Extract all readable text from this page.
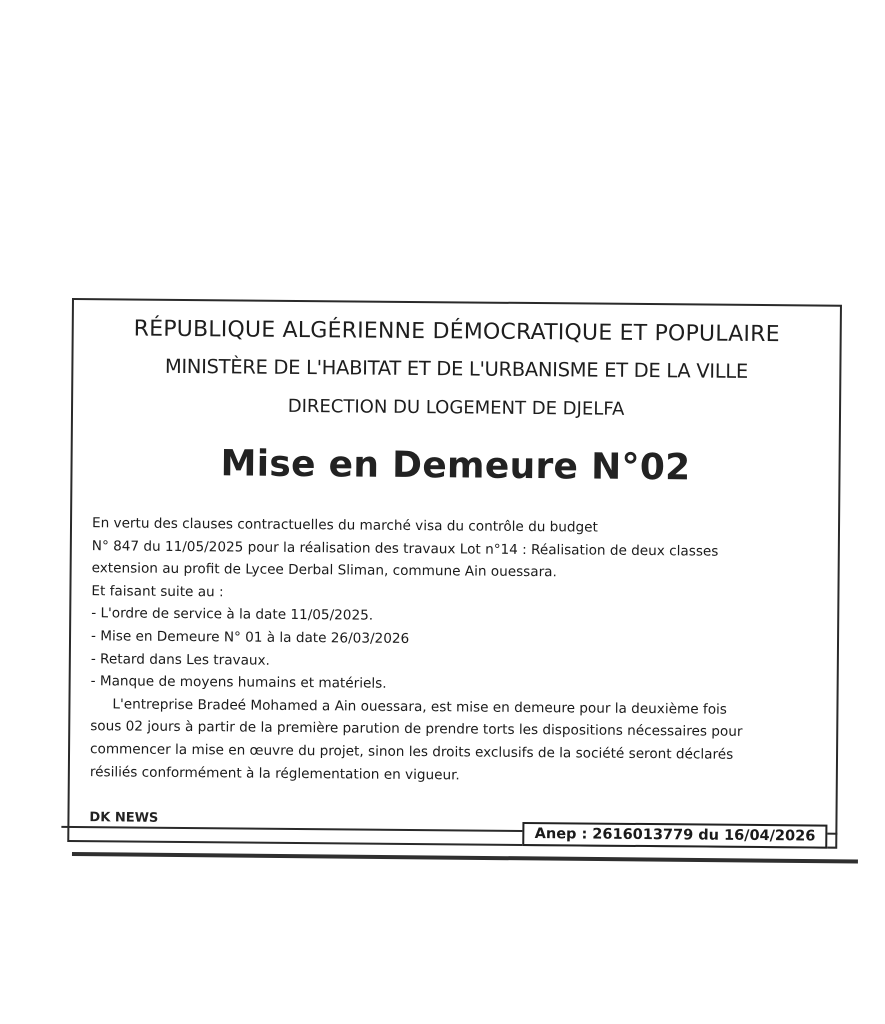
RÉPUBLIQUE ALGÉRIENNE DÉMOCRATIQUE ET POPULAIRE
MINISTÈRE DE L'HABITAT ET DE L'URBANISME ET DE LA VILLE
DIRECTION DU LOGEMENT DE DJELFA
Mise en Demeure N°02
En vertu des clauses contractuelles du marché visa du contrôle du budget
N° 847 du 11/05/2025 pour la réalisation des travaux Lot n°14 : Réalisation de deux classes
extension au profit de Lycee Derbal Sliman, commune Ain ouessara.
Et faisant suite au :
- L'ordre de service à la date 11/05/2025.
- Mise en Demeure N° 01 à la date 26/03/2026
- Retard dans Les travaux.
- Manque de moyens humains et matériels.
L'entreprise Bradeé Mohamed a Ain ouessara, est mise en demeure pour la deuxième fois
sous 02 jours à partir de la première parution de prendre torts les dispositions nécessaires pour
commencer la mise en œuvre du projet, sinon les droits exclusifs de la société seront déclarés
résiliés conformément à la réglementation en vigueur.
DK NEWS
Anep : 2616013779 du 16/04/2026
